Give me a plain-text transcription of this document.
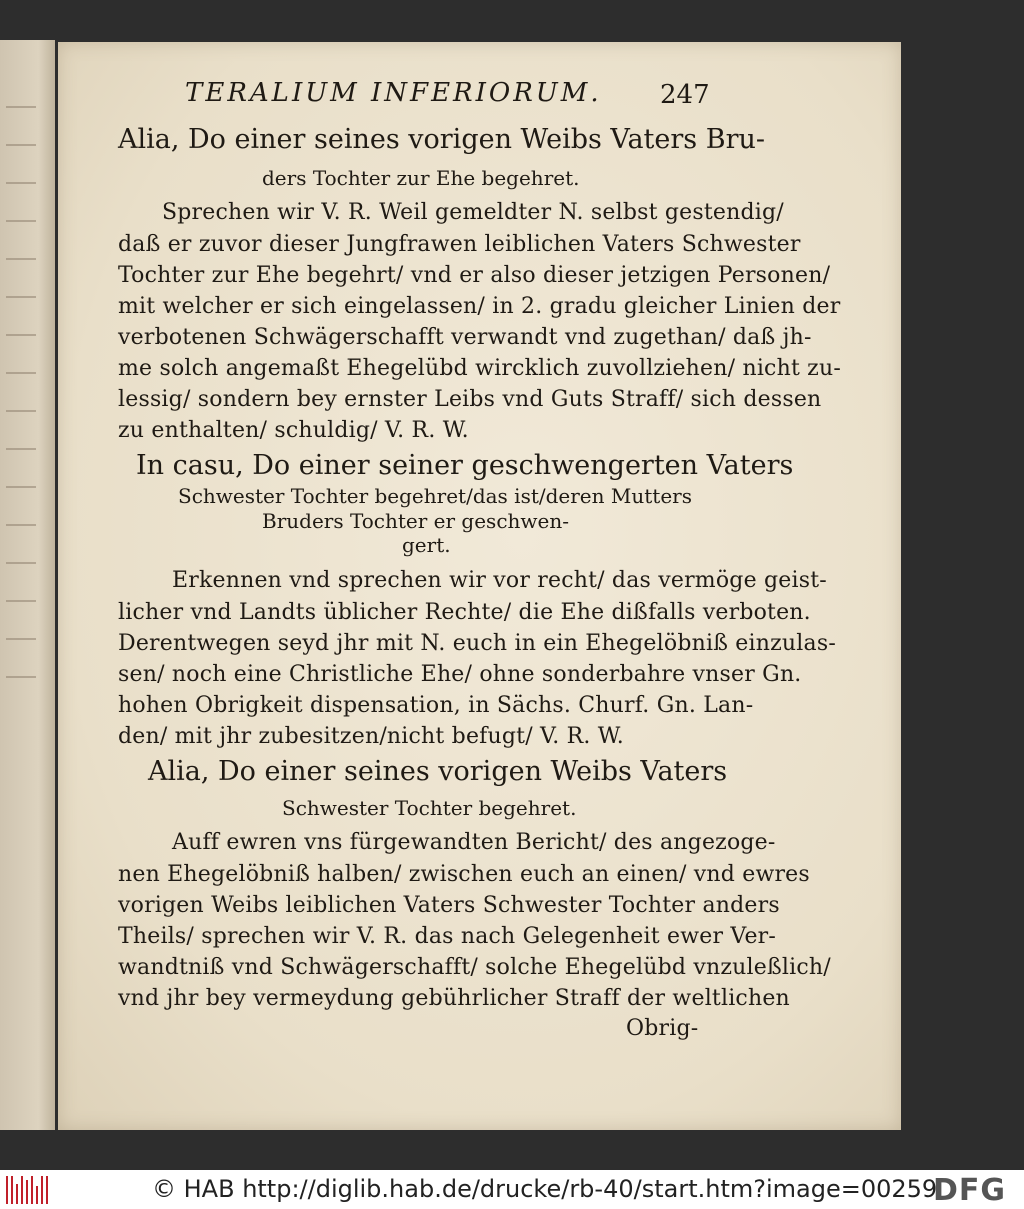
TERALIUM INFERIORUM. 247
Alia, Do einer seines vorigen Weibs Vaters Bru-
ders Tochter zur Ehe begehret.
Sprechen wir V. R. Weil gemeldter N. selbst gestendig/
daß er zuvor dieser Jungfrawen leiblichen Vaters Schwester
Tochter zur Ehe begehrt/ vnd er also dieser jetzigen Personen/
mit welcher er sich eingelassen/ in 2. gradu gleicher Linien der
verbotenen Schwägerschafft verwandt vnd zugethan/ daß jh-
me solch angemaßt Ehegelübd wircklich zuvollziehen/ nicht zu-
lessig/ sondern bey ernster Leibs vnd Guts Straff/ sich dessen
zu enthalten/ schuldig/ V. R. W.
In casu, Do einer seiner geschwengerten Vaters
Schwester Tochter begehret/das ist/deren Mutters
Bruders Tochter er geschwen-
gert.
Erkennen vnd sprechen wir vor recht/ das vermöge geist-
licher vnd Landts üblicher Rechte/ die Ehe dißfalls verboten.
Derentwegen seyd jhr mit N. euch in ein Ehegelöbniß einzulas-
sen/ noch eine Christliche Ehe/ ohne sonderbahre vnser Gn.
hohen Obrigkeit dispensation, in Sächs. Churf. Gn. Lan-
den/ mit jhr zubesitzen/nicht befugt/ V. R. W.
Alia, Do einer seines vorigen Weibs Vaters
Schwester Tochter begehret.
Auff ewren vns fürgewandten Bericht/ des angezoge-
nen Ehegelöbniß halben/ zwischen euch an einen/ vnd ewres
vorigen Weibs leiblichen Vaters Schwester Tochter anders
Theils/ sprechen wir V. R. das nach Gelegenheit ewer Ver-
wandtniß vnd Schwägerschafft/ solche Ehegelübd vnzuleßlich/
vnd jhr bey vermeydung gebührlicher Straff der weltlichen
Obrig-
© HAB http://diglib.hab.de/drucke/rb-40/start.htm?image=00259
DFG
